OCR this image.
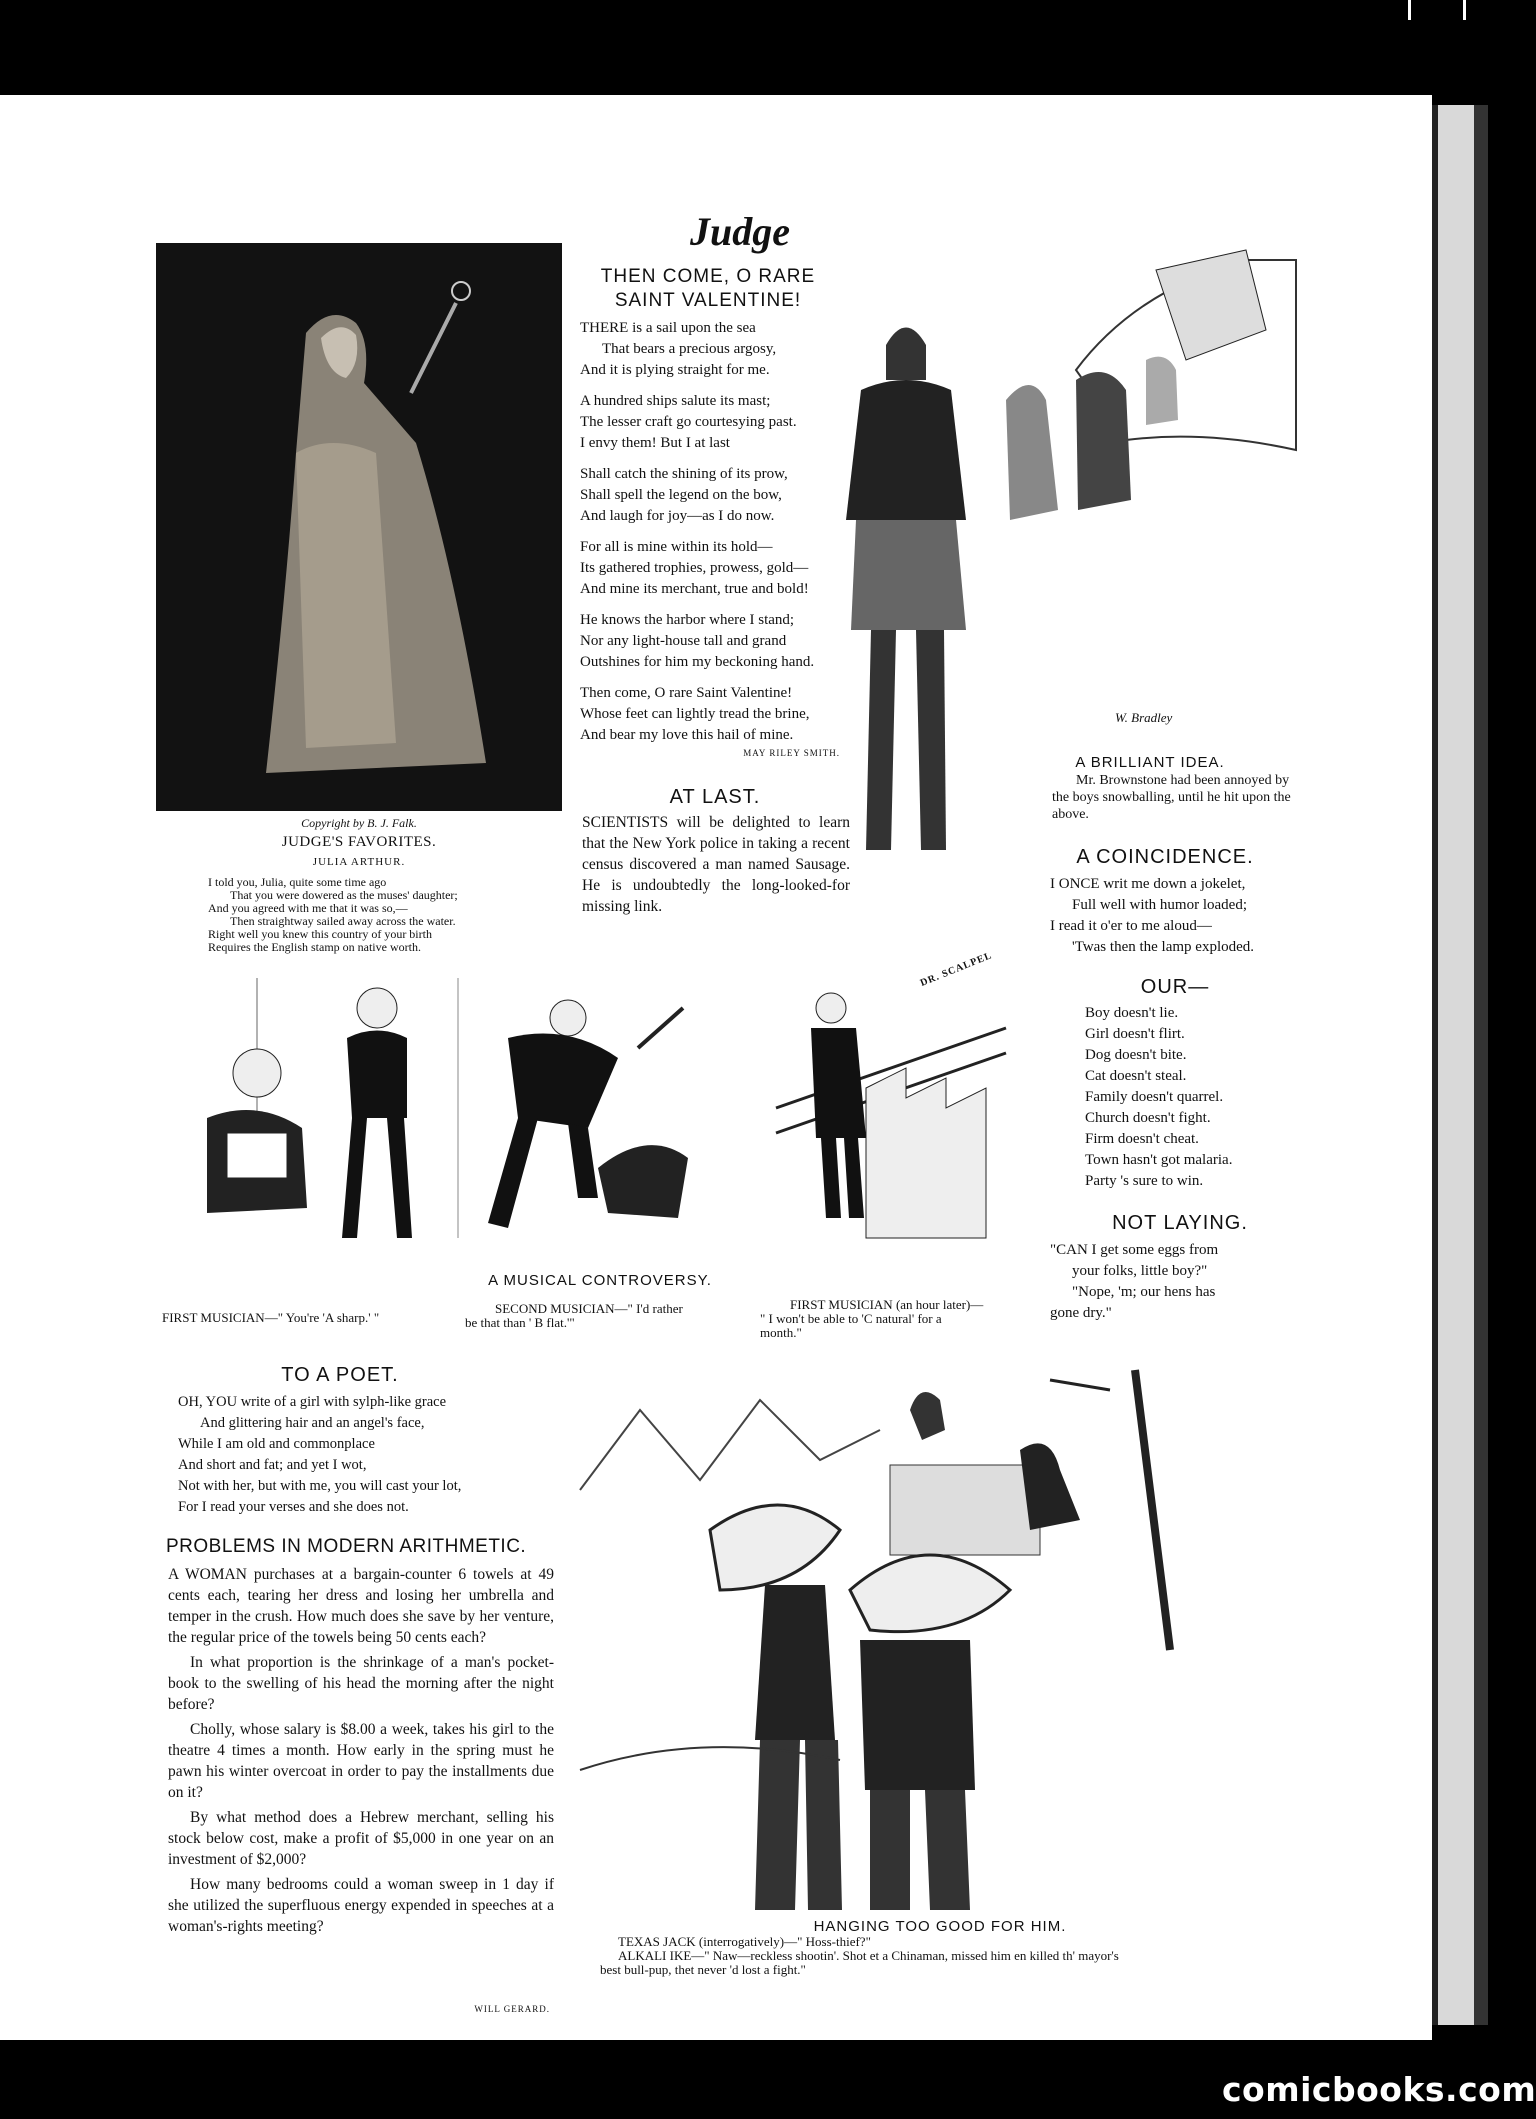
Judge
Copyright by B. J. Falk.
JUDGE'S FAVORITES.
JULIA ARTHUR.
I told you, Julia, quite some time ago
That you were dowered as the muses' daughter;
And you agreed with me that it was so,—
Then straightway sailed away across the water.
Right well you knew this country of your birth
Requires the English stamp on native worth.
THEN COME, O RARE
SAINT VALENTINE!
THERE is a sail upon the sea
That bears a precious argosy,
And it is plying straight for me.
A hundred ships salute its mast;
The lesser craft go courtesying past.
I envy them! But I at last
Shall catch the shining of its prow,
Shall spell the legend on the bow,
And laugh for joy—as I do now.
For all is mine within its hold—
Its gathered trophies, prowess, gold—
And mine its merchant, true and bold!
He knows the harbor where I stand;
Nor any light-house tall and grand
Outshines for him my beckoning hand.
Then come, O rare Saint Valentine!
Whose feet can lightly tread the brine,
And bear my love this hail of mine.
MAY RILEY SMITH.
AT LAST.
SCIENTISTS will be delighted to learn that the New York police in taking a recent census discovered a man named Sausage. He is undoubtedly the long-looked-for missing link.
W. Bradley
A BRILLIANT IDEA.
Mr. Brownstone had been annoyed by the boys snowballing, until he hit upon the above.
A COINCIDENCE.
I ONCE writ me down a jokelet,
Full well with humor loaded;
I read it o'er to me aloud—
'Twas then the lamp exploded.
OUR—
Boy doesn't lie.
Girl doesn't flirt.
Dog doesn't bite.
Cat doesn't steal.
Family doesn't quarrel.
Church doesn't fight.
Firm doesn't cheat.
Town hasn't got malaria.
Party 's sure to win.
NOT LAYING.
"CAN I get some eggs from
your folks, little boy?"
"Nope, 'm; our hens has
gone dry."
DR. SCALPEL
A MUSICAL CONTROVERSY.
FIRST MUSICIAN—" You're 'A sharp.' "
SECOND MUSICIAN—" I'd rather
be that than ' B flat.'"
FIRST MUSICIAN (an hour later)—
" I won't be able to 'C natural' for a
month."
TO A POET.
OH, YOU write of a girl with sylph-like grace
And glittering hair and an angel's face,
While I am old and commonplace
And short and fat; and yet I wot,
Not with her, but with me, you will cast your lot,
For I read your verses and she does not.
PROBLEMS IN MODERN ARITHMETIC.

A WOMAN purchases at a bargain-counter 6 towels at 49 cents each, tearing her dress and losing her umbrella and temper in the crush. How much does she save by her venture, the regular price of the towels being 50 cents each?

In what proportion is the shrinkage of a man's pocket-book to the swelling of his head the morning after the night before?

Cholly, whose salary is $8.00 a week, takes his girl to the theatre 4 times a month. How early in the spring must he pawn his winter overcoat in order to pay the installments due on it?

By what method does a Hebrew merchant, selling his stock below cost, make a profit of $5,000 in one year on an investment of $2,000?

How many bedrooms could a woman sweep in 1 day if she utilized the superfluous energy expended in speeches at a woman's-rights meeting?

WILL GERARD.
HANGING TOO GOOD FOR HIM.
TEXAS JACK (interrogatively)—" Hoss-thief?"
ALKALI IKE—" Naw—reckless shootin'. Shot et a Chinaman, missed him en killed th' mayor's
best bull-pup, thet never 'd lost a fight."
comicbooks.com
